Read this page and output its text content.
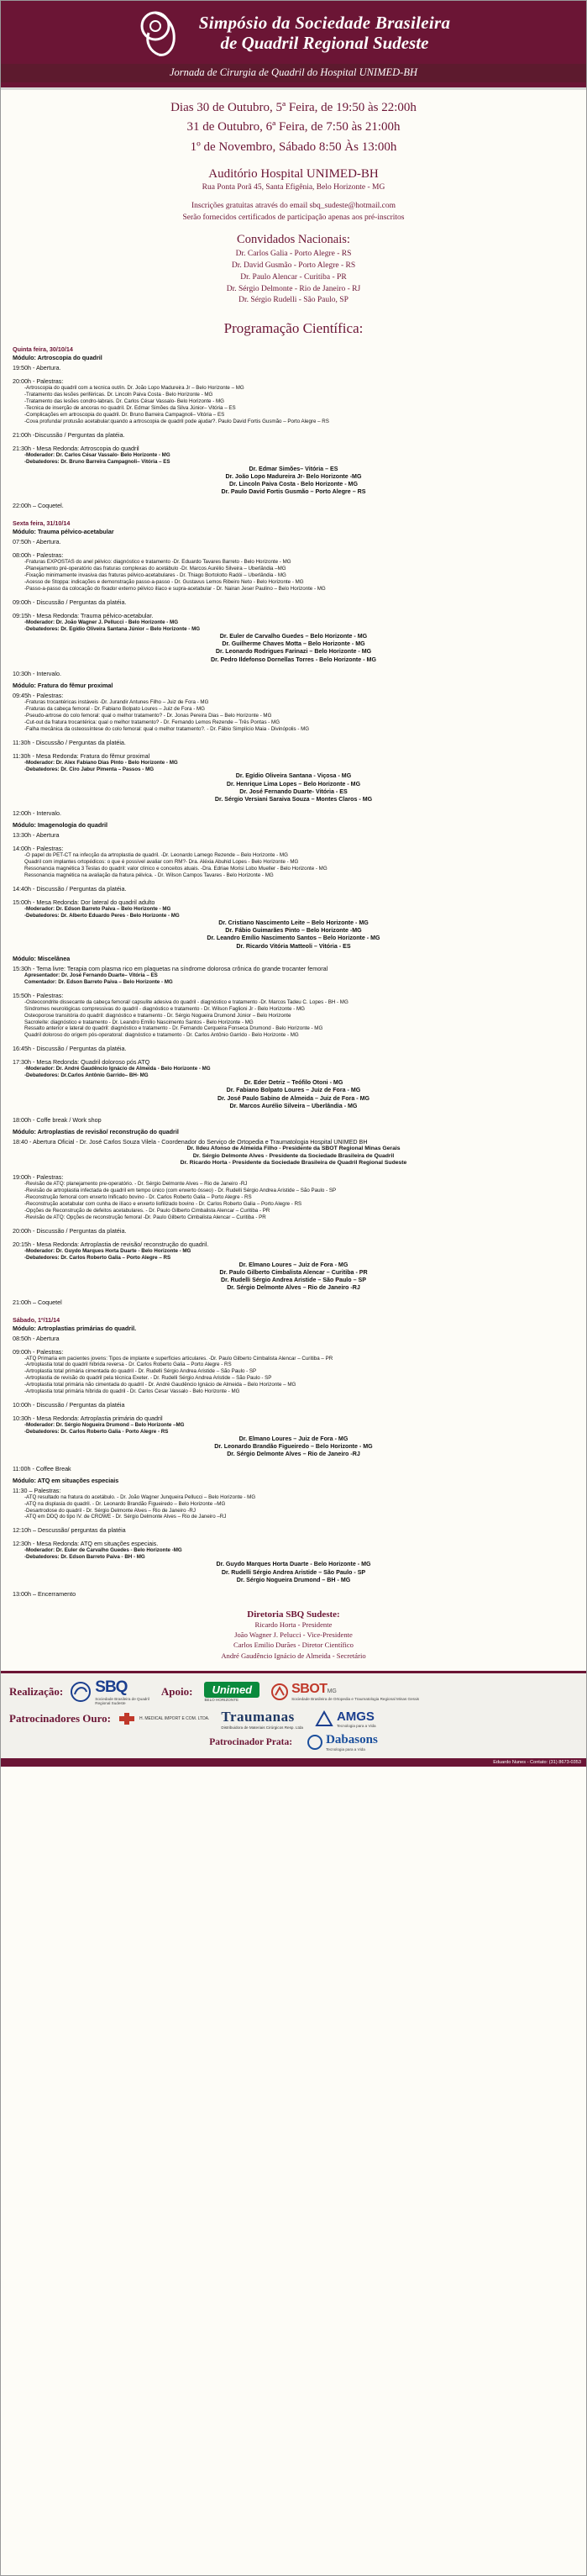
Simpósio da Sociedade Brasileira
de Quadril Regional Sudeste
Jornada de Cirurgia de Quadril do Hospital UNIMED-BH
Dias 30 de Outubro, 5ª Feira, de 19:50 às 22:00h
31 de Outubro, 6ª Feira, de 7:50 às 21:00h
1º de Novembro, Sábado 8:50 Às 13:00h
Auditório Hospital UNIMED-BH
Rua Ponta Porã 45, Santa Efigênia, Belo Horizonte - MG
Inscrições gratuitas através do email sbq_sudeste@hotmail.com
Serão fornecidos certificados de participação apenas aos pré-inscritos
Convidados Nacionais:
Dr. Carlos Galia - Porto Alegre - RS
Dr. David Gusmão - Porto Alegre - RS
Dr. Paulo Alencar - Curitiba - PR
Dr. Sérgio Delmonte - Rio de Janeiro - RJ
Dr. Sérgio Rudelli - São Paulo, SP
Programação Científica:
Quinta feira, 30/10/14
Módulo: Artroscopia do quadril
19:50h - Abertura.
20:00h - Palestras:
-Artroscopia do quadril com a tecnica out/in. Dr. João Lopo Madureira Jr – Belo Horizonte – MG
-Tratamento das lesões periféricas. Dr. Lincoln Paiva Costa - Belo Horizonte - MG
-Tratamento das lesões condro-labrais. Dr. Carlos César Vassalo- Belo Horizonte - MG
-Tecnica de inserção de ancoras no quadril. Dr. Edmar Simões da Silva Júnior– Vitória – ES
-Complicações em artroscopia do quadril. Dr. Bruno Barreira Campagnoli– Vitória – ES
-Cova profunda/ protusão acetabular:quando a artroscopia de quadril pode ajudar?. Paulo David Fortis Gusmão – Porto Alegre – RS
21:00h -Discussão / Perguntas da platéia.
21:30h - Mesa Redonda: Artroscopia do quadril
-Moderador: Dr. Carlos César Vassalo- Belo Horizonte - MG
-Debatedores: Dr. Bruno Barreira Campagnoli– Vitória – ES
Dr. Edmar Simões– Vitória – ES
Dr. João Lopo Madureira Jr- Belo Horizonte -MG
Dr. Lincoln Paiva Costa - Belo Horizonte - MG
Dr. Paulo David Fortis Gusmão – Porto Alegre – RS
22:00h – Coquetel.
Sexta feira, 31/10/14
Módulo: Trauma pélvico-acetabular
07:50h - Abertura.
08:00h - Palestras:
-Fraturas EXPOSTAS do anel pélvico: diagnóstico e tratamento -Dr. Eduardo Tavares Barreto - Belo Horizonte - MG
-Planejamento pré-operatório das fraturas complexas do acetábulo -Dr. Marcos Aurélio Silveira – Uberlândia –MG
-Fixação minimamente invasiva das fraturas pélvico-acetabulares - Dr. Thiago Bortolotto Radói – Uberlândia - MG
-Acesso de Stoppa: indicações e demonstração passo-a-passo - Dr. Gustavus Lemos Ribeiro Neto - Belo Horizonte - MG
-Passo-a-passo da colocação do fixador externo pélvico ilíaco e supra-acetabular - Dr. Nairan Jeser Paulino – Belo Horizonte - MG
09:00h - Discussão / Perguntas da platéia.
09:15h - Mesa Redonda: Trauma pélvico-acetabular.
-Moderador: Dr. João Wagner J. Pellucci - Belo Horizonte - MG
-Debatedores: Dr. Egídio Oliveira Santana Júnior – Belo Horizonte - MG
Dr. Euler de Carvalho Guedes – Belo Horizonte - MG
Dr. Guilherme Chaves Motta – Belo Horizonte - MG
Dr. Leonardo Rodrigues Farinazi – Belo Horizonte - MG
Dr. Pedro Ildefonso Dornellas Torres - Belo Horizonte - MG
10:30h - Intervalo.
Módulo: Fratura do fêmur proximal
09:45h - Palestras:
-Fraturas trocantéricas instáveis -Dr. Jurandir Antunes Filho – Juiz de Fora - MG
-Fraturas da cabeça femoral - Dr. Fabiano Bolpato Loures – Juiz de Fora - MG
-Pseudo-artrose do colo femoral: qual o melhor tratamento? - Dr. Jonas Pereira Dias – Belo Horizonte - MG
-Cut-out da fratura trocantérica: qual o melhor tratamento? - Dr. Fernando Lemos Rezende – Três Pontas - MG
-Falha mecânica da osteossíntese do colo femoral: qual o melhor tratamento?. - Dr. Fábio Simplício Maia - Divinópolis - MG
11:30h - Discussão / Perguntas da platéia.
11:30h - Mesa Redonda: Fratura do fêmur proximal
-Moderador: Dr. Alex Fabiano Dias Pinto - Belo Horizonte - MG
-Debatedores: Dr. Ciro Jabur Pimenta – Passos - MG
Dr. Egídio Oliveira Santana - Viçosa - MG
Dr. Henrique Lima Lopes – Belo Horizonte - MG
Dr. José Fernando Duarte- Vitória - ES
Dr. Sérgio Versiani Saraiva Souza – Montes Claros - MG
12:00h - Intervalo.
Módulo: Imagenologia do quadril
13:30h - Abertura
14:00h - Palestras:
-O papel do PET-CT na infecção da artroplastia de quadril. -Dr. Leonardo Lamego Rezende – Belo Horizonte - MG
Quadril com implantes ortopédicos: o que é possível avaliar com RM?- Dra. Aléxia Abuhid Lopes - Belo Horizonte - MG
Ressonancia magnética 3 Teslas do quadril: valor clínico e conceitos atuais. -Dra. Edriae Morisi Lobo Mueller - Belo Horizonte - MG
Ressonancia magnética na avaliação da fratura pélvica. - Dr. Wilson Campos Tavares - Belo Horizonte - MG
14:40h - Discussão / Perguntas da platéia.
15:00h - Mesa Redonda: Dor lateral do quadril adulto
-Moderador: Dr. Edson Barreto Paiva – Belo Horizonte - MG
-Debatedores: Dr. Alberto Eduardo Peres - Belo Horizonte - MG
Dr. Cristiano Nascimento Leite – Belo Horizonte - MG
Dr. Fábio Guimarães Pinto – Belo Horizonte -MG
Dr. Leandro Emílio Nascimento Santos – Belo Horizonte - MG
Dr. Ricardo Vitória Matteoli – Vitória - ES
Módulo: Miscelânea
15:30h - Tema livre: Terapia com plasma rico em plaquetas na síndrome dolorosa crônica do grande trocanter femoral
Apresentador: Dr. José Fernando Duarte– Vitória – ES
Comentador: Dr. Edson Barreto Paiva – Belo Horizonte - MG
15:50h - Palestras:
-Osteocondrite dissecante da cabeça femoral/ capsulite adesiva do quadril - diagnóstico e tratamento -Dr. Marcos Tadeu C. Lopes - BH - MG
Síndromes neurológicas compressivas do quadril - diagnóstico e tratamento - Dr. Wilson Faglioni Jr - Belo Horizonte - MG
Osteoporose transitória do quadril: diagnóstico e tratamento - Dr. Sérgio Nogueira Drumond Júnior – Belo Horizonte
Sacroleíte: diagnóstico e tratamento - Dr. Leandro Emílio Nascimento Santos - Belo Horizonte - MG
Ressalto anterior e lateral do quadril: diagnóstico e tratamento - Dr. Fernando Cerqueira Fonseca Drumond - Belo Horizonte - MG
Quadril doloroso do origem pós-operatoral: diagnóstico e tratamento - Dr. Carlos Antônio Garrido - Belo Horizonte - MG
16:45h - Discussão / Perguntas da platéia.
17:30h - Mesa Redonda: Quadril doloroso pós ATQ
-Moderador: Dr. André Gaudêncio Ignácio de Almeida - Belo Horizonte - MG
-Debatedores: Dr.Carlos Antônio Garrido– BH- MG
Dr. Eder Detriz – Teófilo Otoni - MG
Dr. Fabiano Bolpato Loures – Juiz de Fora - MG
Dr. José Paulo Sabino de Almeida – Juiz de Fora - MG
Dr. Marcos Aurélio Silveira – Uberlândia - MG
18:00h - Coffe break / Work shop
Módulo: Artroplastias de revisão/ reconstrução do quadril
18:40 - Abertura Oficial - Dr. José Carlos Souza Vilela - Coordenador do Serviço de Ortopedia e Traumatologia Hospital UNIMED BH
Dr. Ildeu Afonso de Almeida Filho - Presidente da SBOT Regional Minas Gerais
Dr. Sérgio Delmonte Alves - Presidente da Sociedade Brasileira de Quadril
Dr. Ricardo Horta - Presidente da Sociedade Brasileira de Quadril Regional Sudeste
19:00h - Palestras:
-Revisão de ATQ: planejamento pre-operatório. - Dr. Sérgio Delmonte Alves – Rio de Janeiro -RJ
-Revisão de artroplastia infectada de quadril em tempo único (com enxerto ósseo) - Dr. Rudelli Sérgio Andrea Aristide – São Paulo - SP
-Reconstrução femoral com enxerto lnificado bovino - Dr. Carlos Roberto Galia – Porto Alegre - RS
-Reconstrução acetabular com cunha de ilíaco e enxerto liofilizado bovino - Dr. Carlos Roberto Galia – Porto Alegre - RS
-Opções de Reconstrução de defeitos acetabulares. - Dr. Paulo Gilberto Cimbalista Alencar – Curitiba - PR
-Revisão de ATQ: Opções de reconstrução femoral -Dr. Paulo Gilberto Cimbalista Alencar – Curitiba - PR
20:00h - Discussão / Perguntas da platéia.
20:15h - Mesa Redonda: Artroplastia de revisão/ reconstrução do quadril.
-Moderador: Dr. Guydo Marques Horta Duarte - Belo Horizonte - MG
-Debatedores: Dr. Carlos Roberto Galia – Porto Alegre – RS
Dr. Elmano Loures – Juiz de Fora - MG
Dr. Paulo Gilberto Cimbalista Alencar – Curitiba - PR
Dr. Rudelli Sérgio Andrea Aristide – São Paulo – SP
Dr. Sérgio Delmonte Alves – Rio de Janeiro -RJ
21:00h – Coquetel
Sábado, 1º/11/14
Módulo: Artroplastias primárias do quadril.
08:50h - Abertura
09:00h - Palestras:
-ATQ Primaria em pacientes jovens: Tipos de implante e superfícies articulares. -Dr. Paulo Gilberto Cimbalista Alencar – Curitiba – PR
-Artroplastia total do quadril híbrida reversa - Dr. Carlos Roberto Galia – Porto Alegre - RS
-Artroplastia total primária cimentada do quadril - Dr. Rudelli Sérgio Andrea Aristide – São Paulo - SP
-Artroplastia de revisão do quadril pela técnica Exeter. - Dr. Rudelli Sérgio Andrea Aristide – São Paulo - SP
-Artroplastia total primária não cimentada do quadril - Dr. André Gaudêncio Ignácio de Almeida – Belo Horizonte – MG
-Artroplastia total primária híbrida do quadril - Dr. Carlos Cesar Vassalo - Belo Horizonte - MG
10:00h - Discussão / Perguntas da platéia
10:30h - Mesa Redonda: Artroplastia primária do quadril
-Moderador: Dr. Sérgio Nogueira Drumond – Belo Horizonte –MG
-Debatedores: Dr. Carlos Roberto Galia - Porto Alegre - RS
Dr. Elmano Loures – Juiz de Fora - MG
Dr. Leonardo Brandão Figueiredo – Belo Horizonte - MG
Dr. Sérgio Delmonte Alves – Rio de Janeiro -RJ
11:00h - Coffee Break
Módulo: ATQ em situações especiais
11:30 – Palestras:
-ATQ resultado na fratura do acetábulo. - Dr. João Wagner Junqueira Pellucci – Belo Horizonte - MG
-ATQ na displasia do quadril. - Dr. Leonardo Brandão Figueiredo – Belo Horizonte –MG
-Desartrodose do quadril - Dr. Sérgio Delmonte Alves – Rio de Janeiro -RJ
-ATQ em DDQ do tipo IV. de CROWE - Dr. Sérgio Delmonte Alves – Rio de Janeiro –RJ
12:10h – Descussão/ perguntas da platéia
12:30h - Mesa Redonda: ATQ em situações especiais.
-Moderador: Dr. Euler de Carvalho Guedes - Belo Horizonte -MG
-Debatedores: Dr. Edson Barreto Paiva - BH - MG
Dr. Guydo Marques Horta Duarte - Belo Horizonte - MG
Dr. Rudelli Sérgio Andrea Aristide – São Paulo - SP
Dr. Sérgio Nogueira Drumond – BH - MG
13:00h – Encerramento
Diretoria SBQ Sudeste:
Ricardo Horta - Presidente
João Wagner J. Pelucci - Vice-Presidente
Carlos Emilio Durães - Diretor Científico
André Gaudêncio Ignácio de Almeida - Secretário
Realização: SBQ
Sociedade Brasileira de Quadril
Regional Sudeste
Apoio:	Unimed
BELO HORIZONTE
SBOTMG
Sociedade Brasileira de Ortopedia e Traumatologia Regional Minas Gerais
Patrocinadores Ouro:	H. MEDICAL IMPORT E COM. LTDA. Traumanas
Distribuidora de Materiais Cirúrgicos Resp. Ltda
AMGS
Tecnologia para a Vida
Patrocinador Prata:	Dabasons
Tecnologia para a Vida
Eduardo Nunes - Contato: (31) 8673-0353
